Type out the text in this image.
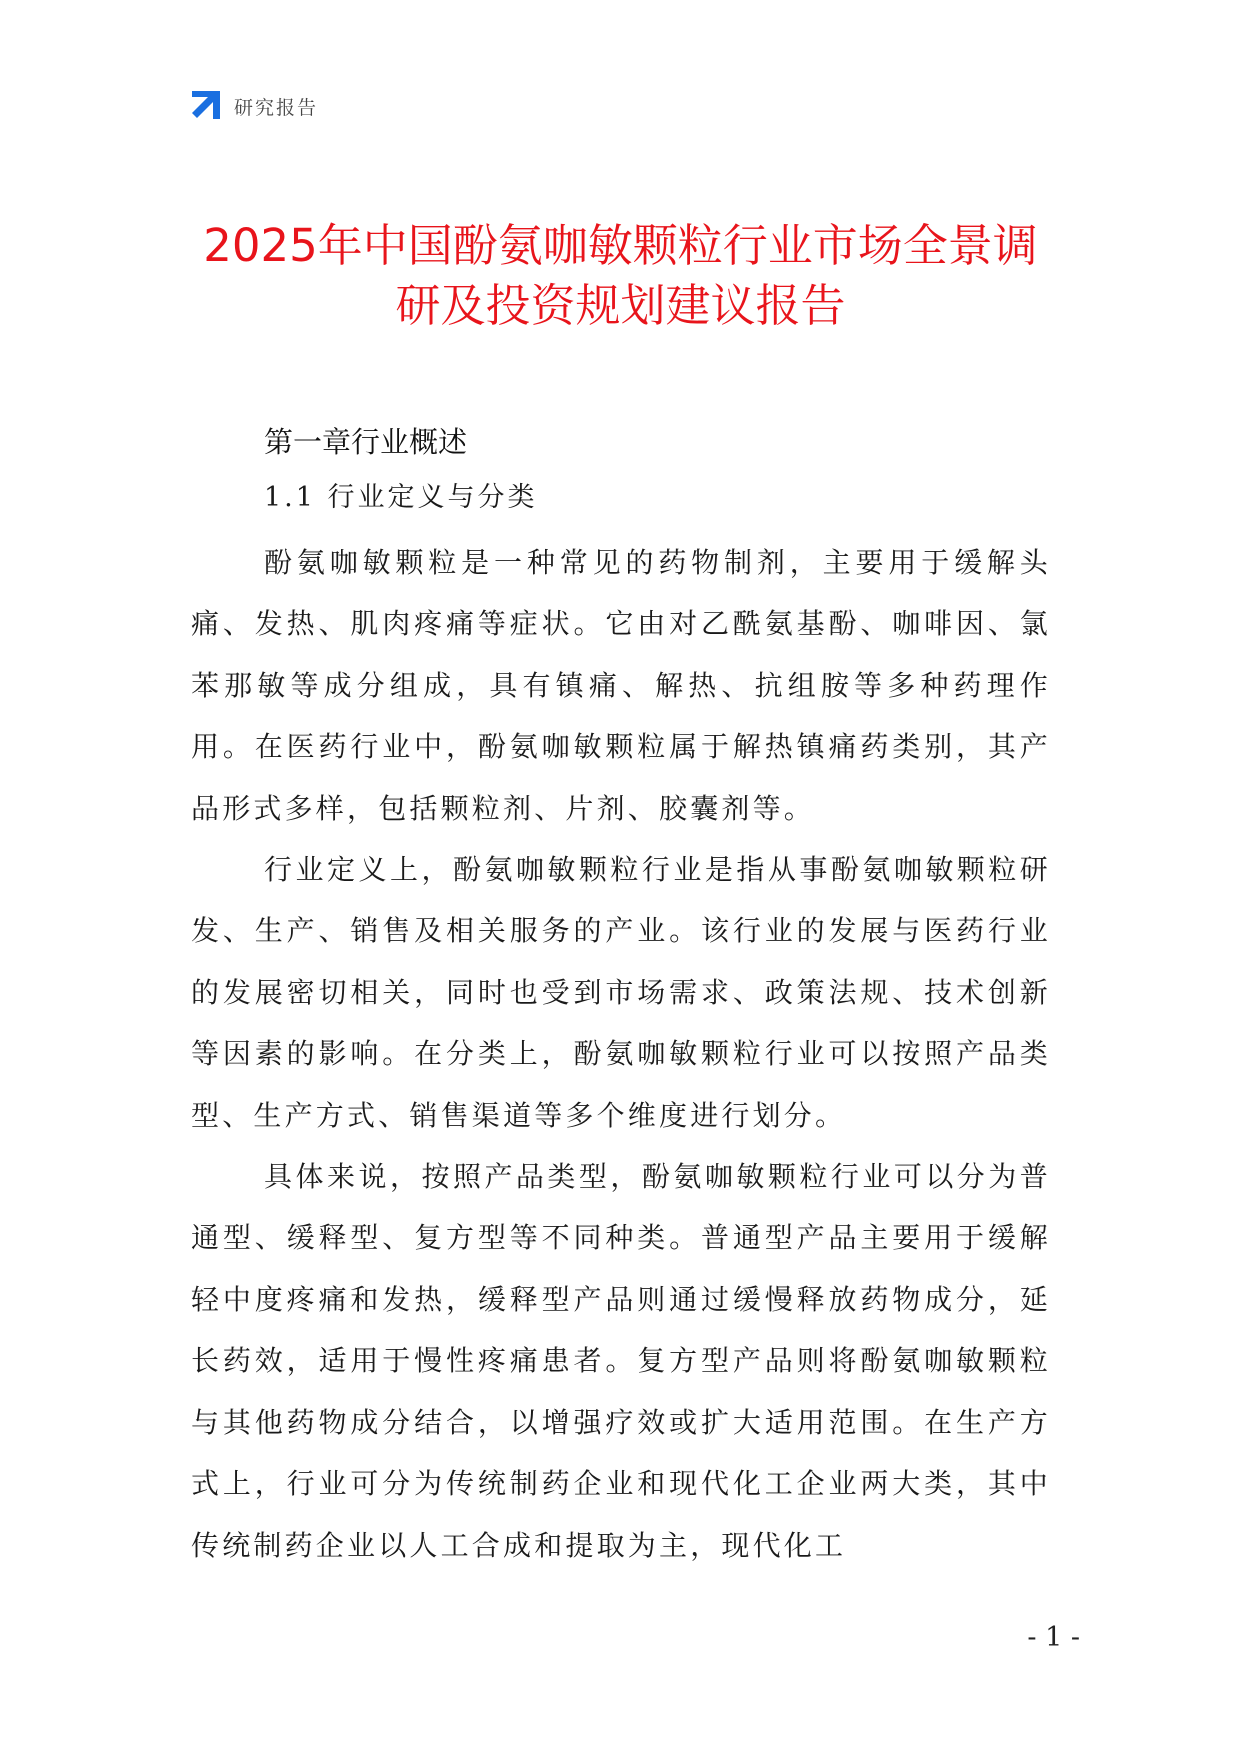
研究报告
2025年中国酚氨咖敏颗粒行业市场全景调
研及投资规划建议报告
第一章行业概述
1.1 行业定义与分类

酚氨咖敏颗粒是一种常见的药物制剂，主要用于缓解头痛、发热、肌肉疼痛等症状。它由对乙酰氨基酚、咖啡因、氯苯那敏等成分组成，具有镇痛、解热、抗组胺等多种药理作用。在医药行业中，酚氨咖敏颗粒属于解热镇痛药类别，其产品形式多样，包括颗粒剂、片剂、胶囊剂等。

行业定义上，酚氨咖敏颗粒行业是指从事酚氨咖敏颗粒研发、生产、销售及相关服务的产业。该行业的发展与医药行业的发展密切相关，同时也受到市场需求、政策法规、技术创新等因素的影响。在分类上，酚氨咖敏颗粒行业可以按照产品类型、生产方式、销售渠道等多个维度进行划分。

具体来说，按照产品类型，酚氨咖敏颗粒行业可以分为普通型、缓释型、复方型等不同种类。普通型产品主要用于缓解轻中度疼痛和发热，缓释型产品则通过缓慢释放药物成分，延长药效，适用于慢性疼痛患者。复方型产品则将酚氨咖敏颗粒与其他药物成分结合，以增强疗效或扩大适用范围。在生产方式上，行业可分为传统制药企业和现代化工企业两大类，其中传统制药企业以人工合成和提取为主，现代化工

- 1 -
